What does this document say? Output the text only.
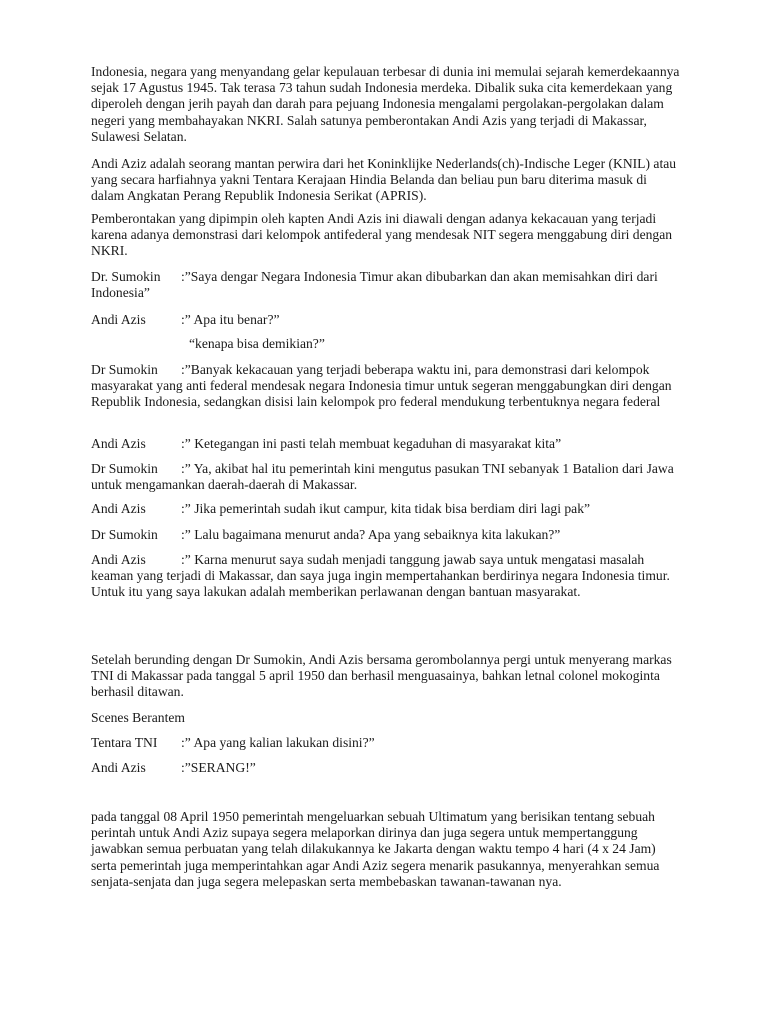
Indonesia, negara yang menyandang gelar kepulauan terbesar di dunia ini memulai sejarah kemerdekaannya sejak 17 Agustus 1945. Tak terasa 73 tahun sudah Indonesia merdeka. Dibalik suka cita kemerdekaan yang diperoleh dengan jerih payah dan darah para pejuang Indonesia mengalami pergolakan-pergolakan dalam negeri yang membahayakan NKRI. Salah satunya pemberontakan Andi Azis yang terjadi di Makassar, Sulawesi Selatan.

Andi Aziz adalah seorang mantan perwira dari het Koninklijke Nederlands(ch)-Indische Leger (KNIL) atau yang secara harfiahnya yakni Tentara Kerajaan Hindia Belanda dan beliau pun baru diterima masuk di dalam Angkatan Perang Republik Indonesia Serikat (APRIS).

Pemberontakan yang dipimpin oleh kapten Andi Azis ini diawali dengan adanya kekacauan yang terjadi karena adanya demonstrasi dari kelompok antifederal yang mendesak NIT segera menggabung diri dengan NKRI.

Dr. Sumokin :”Saya dengar Negara Indonesia Timur akan dibubarkan dan akan memisahkan diri dari Indonesia”

Andi Azis	:” Apa itu benar?”

“kenapa bisa demikian?”

Dr Sumokin :”Banyak kekacauan yang terjadi beberapa waktu ini, para demonstrasi dari kelompok masyarakat yang anti federal mendesak negara Indonesia timur untuk segeran menggabungkan diri dengan Republik Indonesia, sedangkan disisi lain kelompok pro federal mendukung terbentuknya negara federal

Andi Azis	:” Ketegangan ini pasti telah membuat kegaduhan di masyarakat kita”

Dr Sumokin :” Ya, akibat hal itu pemerintah kini mengutus pasukan TNI sebanyak 1 Batalion dari Jawa untuk mengamankan daerah-daerah di Makassar.

Andi Azis	:” Jika pemerintah sudah ikut campur, kita tidak bisa berdiam diri lagi pak”

Dr Sumokin :” Lalu bagaimana menurut anda? Apa yang sebaiknya kita lakukan?”

Andi Azis	:” Karna menurut saya sudah menjadi tanggung jawab saya untuk mengatasi masalah keaman yang terjadi di Makassar, dan saya juga ingin mempertahankan berdirinya negara Indonesia timur. Untuk itu yang saya lakukan adalah memberikan perlawanan dengan bantuan masyarakat.

Setelah berunding dengan Dr Sumokin, Andi Azis bersama gerombolannya pergi untuk menyerang markas TNI di Makassar pada tanggal 5 april 1950 dan berhasil menguasainya, bahkan letnal colonel mokoginta berhasil ditawan.

Scenes Berantem

Tentara TNI :” Apa yang kalian lakukan disini?”

Andi Azis	:”SERANG!”

pada tanggal 08 April 1950 pemerintah mengeluarkan sebuah Ultimatum yang berisikan tentang sebuah perintah untuk Andi Aziz supaya segera melaporkan dirinya dan juga segera untuk mempertanggung jawabkan semua perbuatan yang telah dilakukannya ke Jakarta dengan waktu tempo 4 hari (4 x 24 Jam) serta pemerintah juga memperintahkan agar Andi Aziz segera menarik pasukannya, menyerahkan semua senjata-senjata dan juga segera melepaskan serta membebaskan tawanan-tawanan nya.
